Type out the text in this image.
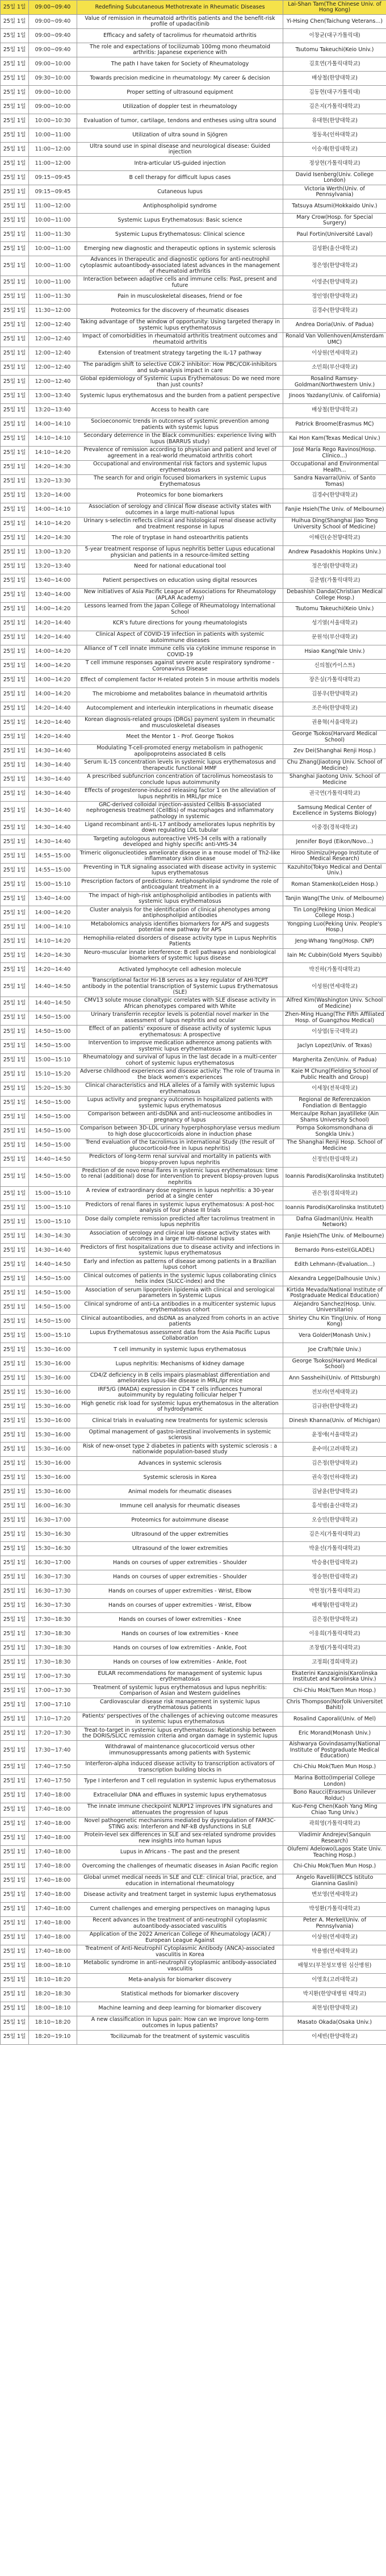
25일 1일	09:00~09:40	Redefining Subcutaneous Methotrexate in Rheumatic Diseases	Lai-Shan Tam(The Chinese Univ. of Hong Kong)
25일 1일	09:00~09:40	Value of remission in rheumatoid arthritis patients and the benefit-risk profile of upadacitinib	Yi-Hsing Chen(Taichung Veterans...)
25일 1일	09:00~09:40	Efficacy and safety of tacrolimus for rheumatoid arthritis	이창균(대구가톨릭대)
25일 1일	09:00~09:40	The role and expectations of tocilizumab 100mg mono rheumatoid arthritis: Japanese experience with	Tsutomu Takeuchi(Keio Univ.)
25일 1일	09:00~10:00	The path I have taken for Society of Rheumatology	김호연(가톨릭대학교)
25일 1일	09:30~10:00	Towards precision medicine in rheumatology: My career & decision	배상철(한양대학교)
25일 1일	09:00~10:00	Proper setting of ultrasound equipment	김동현(대구가톨릭대)
25일 1일	09:00~10:00	Utilization of doppler test in rheumatology	김은지(가톨릭대학교)
25일 1일	10:00~10:30	Evaluation of tumor, cartilage, tendons and entheses using ultra sound	유대현(한양대학교)
25일 1일	10:00~11:00	Utilization of ultra sound in Sjögren	정동옥(인하대학교)
25일 1일	11:00~12:00	Ultra sound use in spinal disease and neurological disease: Guided injection	이승재(한림대학교)
25일 1일	11:00~12:00	Intra-articular US-guided injection	정상현(가톨릭대학교)
25일 1일	09:15~09:45	B cell therapy for difficult lupus cases	David Isenberg(Univ. College London)
25일 1일	09:15~09:45	Cutaneous lupus	Victoria Werth(Univ. of Pennsylvania)
25일 1일	11:00~12:00	Antiphospholipid syndrome	Tatsuya Atsumi(Hokkaido Univ.)
25일 1일	10:00~11:00	Systemic Lupus Erythematosus: Basic science	Mary Crow(Hosp. for Special Surgery)
25일 1일	11:00~11:30	Systemic Lupus Erythematosus: Clinical science	Paul Fortin(Université Laval)
25일 1일	10:00~11:00	Emerging new diagnostic and therapeutic options in systemic sclerosis	김성환(울산대학교)
25일 1일	10:00~11:00	Advances in therapeutic and diagnostic options for anti-neutrophil cytoplasmic autoantibody-associated latest advances in the management of rheumatoid arthritis	정은영(한양대학교)
25일 1일	10:00~11:00	Interaction between adaptive cells and immune cells: Past, present and future	이영준(한양대학교)
25일 1일	11:00~11:30	Pain in musculoskeletal diseases, friend or foe	정인영(한양대학교)
25일 1일	11:30~12:00	Proteomics for the discovery of rheumatic diseases	김경수(한양대학교)
25일 1일	12:00~12:40	Taking advantage of the window of opportunity: Using targeted therapy in systemic lupus erythematosus	Andrea Doria(Univ. of Padua)
25일 1일	12:00~12:40	Impact of comorbidities in rheumatoid arthritis treatment outcomes and rheumatoid arthritis	Ronald Van Vollenhoven(Amsterdam UMC)
25일 1일	12:00~12:40	Extension of treatment strategy targeting the IL-17 pathway	이상원(연세대학교)
25일 1일	12:00~12:40	The paradigm shift to selective COX-2 inhibitor: How PBC/COX-inhibitors and sub-analysis impact in care	소민희(부산대학교)
25일 1일	12:00~12:40	Global epidemiology of Systemic Lupus Erythematosus: Do we need more than just counts?	Rosalind Ramsey-Goldman(Northwestern Univ.)
25일 1일	13:00~13:40	Systemic lupus erythematosus and the burden from a patient perspective	Jinoos Yazdany(Univ. of California)
25일 1일	13:20~13:40	Access to health care	배상철(한양대학교)
25일 1일	14:00~14:10	Socioeconomic trends in outcomes of systemic prevention among patients with systemic lupus	Patrick Broome(Erasmus MC)
25일 1일	14:10~14:10	Secondary deterrence in the Black communities: experience living with lupus (BARRUS study)	Kai Hon Kam(Texas Medical Univ.)
25일 1일	14:10~14:20	Prevalence of remission according to physician and patient and level of agreement in a real-world rheumatoid arthritis cohort	José María Rego Ravinos(Hosp. Clínico...)
25일 1일	14:20~14:30	Occupational and environmental risk factors and systemic lupus erythematosus	Occupational and Environmental Health...
25일 1일	13:20~13:30	The search for and origin focused biomarkers in systemic Lupus Erythematosus	Sandra Navarra(Univ. of Santo Tomas)
25일 1일	13:20~14:00	Proteomics for bone biomarkers	김경수(한양대학교)
25일 1일	14:00~14:10	Association of serology and clinical flow disease activity states with outcomes in a large multi-national lupus	Fanjie Hsieh(The Univ. of Melbourne)
25일 1일	14:10~14:20	Urinary s-selectin reflects clinical and histological renal disease activity and treatment response in lupus	Huihua Ding(Shanghai Jiao Tong University School of Medicine)
25일 1일	14:20~14:30	The role of tryptase in hand osteoarthritis patients	이해린(순천향대학교)
25일 1일	13:00~13:20	5-year treatment response of lupus nephritis better Lupus educational physician and patients in a resource-limited setting	Andrew Pasadokhis Hopkins Univ.)
25일 1일	13:20~13:40	Need for national educational tool	정은영(한양대학교)
25일 1일	13:40~14:00	Patient perspectives on education using digital resources	김준범(가톨릭대학교)
25일 1일	13:40~14:00	New initiatives of Asia Pacific League of Associations for Rheumatology (APLAR Academy)	Debashish Danda(Christian Medical College Hosp.)
25일 1일	14:00~14:20	Lessons learned from the Japan College of Rheumatology International School	Tsutomu Takeuchi(Keio Univ.)
25일 1일	14:20~14:40	KCR's future directions for young rheumatologists	성기열(서울대학교)
25일 1일	14:20~14:40	Clinical Aspect of COVID-19 infection in patients with systemic autoimmune diseases	문원석(부산대학교)
25일 1일	14:00~14:20	Alliance of T cell innate immune cells via cytokine immune response in COVID-19	Hsiao Kang(Yale Univ.)
25일 1일	14:00~14:20	T cell immune responses against severe acute respiratory syndrome - Coronavirus Disease	신의철(카이스트)
25일 1일	14:00~14:20	Effect of complement factor H-related protein 5 in mouse arthritis models	장은실(가톨릭대학교)
25일 1일	14:00~14:20	The microbiome and metabolites balance in rheumatoid arthritis	김봉우(한양대학교)
25일 1일	14:20~14:40	Autocomplement and interleukin interplications in rheumatic disease	조은하(한양대학교)
25일 1일	14:20~14:40	Korean diagnosis-related groups (DRGs) payment system in rheumatic and musculoskeletal diseases	권용혁(서울대학교)
25일 1일	14:20~14:40	Meet the Mentor 1 - Prof. George Tsokos	George Tsokos(Harvard Medical School)
25일 1일	14:30~14:40	Modulating T-cell-promoted energy metabolism in pathogenic apolipoproteins associated B cells	Zev Dei(Shanghai Renji Hosp.)
25일 1일	14:30~14:40	Serum IL-15 concentration levels in systemic lupus erythematosus and therapeutic functional MMF	Chu Zhang(Jiaotong Univ. School of Medicine)
25일 1일	14:30~14:40	A prescribed subfuncrion concentration of tacrolimus homeostasis to conclude lupus autoimmunity	Shanghai Jiaotong Univ. School of Medicine
25일 1일	14:30~14:40	Effects of progesterone-induced releasing factor 1 on the alleviation of lupus nephritis in MRL/lpr mice	권국연(가톨릭대학교)
25일 1일	14:30~14:40	GRC-derived colloidal injection-assisted Cellbis B-associated nephrogenesis treatment (CellBis) of macrophages and inflammatory pathology in systemic	Samsung Medical Center of Excellence in Systems Biology)
25일 1일	14:30~14:40	Ligand recombinant anti-IL-17 antibody ameliorates lupus nephritis by down regulating LDL tubular	이중경(경북대학교)
25일 1일	14:30~14:40	Targeting autologous autoreactive VHS-34 cells with a rationally developed and highly specific anti-VHS-34	Jennifer Boyd (Eikon/Novo...)
25일 1일	14:55~15:00	Trimeric oligonucleotides ameliorate disease in a mouse model of Th2-like inflammatory skin disease	Hiroo Shimizu(Hyogo Institute of Medical Research)
25일 1일	14:55~15:00	Preventing in TLR signaling associated with disease activity in systemic lupus erythematosus	Kazuhito(Tokyo Medical and Dental Univ.)
25일 1일	15:00~15:10	Prescription factors of predictions: Antiphospholipid syndrome the role of anticoagulant treatment in a	Roman Stamenko(Leiden Hosp.)
25일 1일	13:40~14:00	The impact of high-risk antiphospholipid antibodies in patients with systemic lupus erythematosus	Tanjin Wang(The Univ. of Melbourne)
25일 1일	14:00~14:20	Cluster analysis for the identification of clinical phenotypes among antiphospholipid antibodies	Tin Long(Peking Union Medical College Hosp.)
25일 1일	14:00~14:10	Metabolomics analysis identifies biomarkers for APS and suggests potential new pathway for APS	Yongping Luo(Peking Univ. People's Hosp.)
25일 1일	14:10~14:20	Hemophilia-related disorders of disease activity type in Lupus Nephritis Patients	Jeng-Whang Yang(Hosp. CNP)
25일 1일	14:20~14:30	Neuro-muscular innate interference: B cell pathways and nonbiological biomarkers of systemic lupus disease	Iain Mc Cubbin(Gold Myers Squibb)
25일 1일	14:20~14:40	Activated lymphocyte cell adhesion molecule	박진하(가톨릭대학교)
25일 1일	14:40~14:50	Transcriptional factor Hi-1B serves as a key regulator of AHI-TCPT antibody in the potential transcription of Systemic Lupus Erythematosus (SLE)	이성원(연세대학교)
25일 1일	14:40~14:50	CMV13 solute mouse clonaltypic correlates with SLE disease activity in African phenotypes compared with White	Alfred Kim(Washington Univ. School of Medicine)
25일 1일	14:50~15:00	Urinary transferrin receptor levels is potential novel marker in the assessment of lupus nephritis and ocular	Zhen-Ming Huang(The Fifth Affiliated Hosp. of Guangzhou Medical)
25일 1일	14:50~15:00	Effect of an patients' exposure of disease activity of systemic lupus erythematosus: A prospective	이상엽(동국대학교)
25일 1일	14:50~15:00	Intervention to improve medication adherence among patients with systemic lupus erythematosus	Jaclyn Lopez(Univ. of Texas)
25일 1일	15:00~15:10	Rheumatology and survival of lupus in the last decade in a multi-center cohort of systemic lupus erythematosus	Margherita Zen(Univ. of Padua)
25일 1일	15:10~15:20	Adverse childhood experiences and disease activity: The role of trauma in the black women's experiences	Kaie M Chung(Fielding School of Public Health and Group)
25일 1일	15:20~15:30	Clinical characteristics and HLA alleles of a family with systemic lupus erythematosus	이세창(전북대학교)
25일 1일	14:50~15:00	Lupus activity and pregnancy outcomes in hospitalized patients with systemic lupus erythematosus	Regional de Referenzakion Fondiation di Bentaggio
25일 1일	14:50~15:00	Comparison between anti-dsDNA and anti-nucleosome antibodies in pregnancy of lupus	Mercaulpe Rohan Jayatilleke (Ain Shams University School)
25일 1일	14:50~15:00	Comparison between 3D-LDL urinary hyperphosphorylase versus medium to high dose glucocorticoids alone in induction phase	Pornpa Sokomsmondhana di Songkla Univ.)
25일 1일	14:50~15:00	Trend evaluation of the tacrolimus in international Study (the result of glucocorticoid-free in lupus nephritis)	The Shanghai Renji Hosp. School of Medicine
25일 1일	14:40~14:50	Predictors of long-term renal survival and mortality in patients with biopsy-proven lupus nephritis	신정민(한림대학교)
25일 1일	14:50~15:00	Prediction of de novo renal flares in systemic lupus erythematosus: time to renal (additional) dose for intervention to prevent biopsy-proven lupus nephritis	Ioannis Parodis(Karolinska Institutet)
25일 1일	15:00~15:10	A review of extraordinary dose regimens in lupus nephritis: a 30-year period at a single center	권은정(경희대학교)
25일 1일	15:00~15:10	Predictors of renal flares in systemic lupus erythematosus: A post-hoc analysis of four phase III trials	Ioannis Parodis(Karolinska Institutet)
25일 1일	15:00~15:10	Dose daily complete remission predicted after tacrolimus treatment in lupus nephritis	Dafna Gladman(Univ. Health Network)
25일 1일	14:30~14:30	Association of serology and clinical low disease activity states with outcomes in a large multi-national lupus	Fanjie Hsieh(The Univ. of Melbourne)
25일 1일	14:30~14:40	Predictors of first hospitalizations due to disease activity and infections in systemic lupus erythematosus	Bernardo Pons-estel(GLADEL)
25일 1일	14:40~14:50	Early and infection as patterns of disease among patients in a Brazilian lupus cohort	Edith Lehmann-(Evaluation...)
25일 1일	14:50~15:00	Clinical outcomes of patients in the systemic lupus collaborating clinics helix index (SLICC-index) and the	Alexandra Legge(Dalhousie Univ.)
25일 1일	14:50~15:00	Association of serum lipoprotein lipidemia with clinical and serological parameters in Systemic Lupus	Kirtida Mevada(National Institute of Postgraduate Medical Education)
25일 1일	14:50~15:00	Clinical syndrome of anti-La antibodies in a multicenter systemic lupus erythematosus cohort	Alejandro Sanchez(Hosp. Univ. Universitario)
25일 1일	14:50~15:00	Clinical autoantibodies, and dsDNA as analyzed from cohorts in an active patients	Shirley Chu Kin Ting(Univ. of Hong Kong)
25일 1일	15:00~15:10	Lupus Erythematosus assessment data from the Asia Pacific Lupus Collaboration	Vera Golder(Monash Univ.)
25일 1일	15:30~16:00	T cell immunity in systemic lupus erythematosus	Joe Craft(Yale Univ.)
25일 1일	15:30~16:00	Lupus nephritis: Mechanisms of kidney damage	George Tsokos(Harvard Medical School)
25일 1일	15:30~16:00	CD4/Z deficiency in B cells impairs plasmablast differentiation and ameliorates lupus-like disease in MRL/lpr mice	Ann Sassheihi(Univ. of Pittsburgh)
25일 1일	15:30~16:00	IRF5/G (IMADA) expression in CD4 T cells influences humoral autoimmunity by regulating follicular helper T	전보라(연세대학교)
25일 1일	15:30~16:00	High genetic risk load for systemic lupus erythematosus in the alteration of hydrodynamic	김규완(한양대학교)
25일 1일	15:30~16:00	Clinical trials in evaluating new treatments for systemic sclerosis	Dinesh Khanna(Univ. of Michigan)
25일 1일	15:30~16:00	Optimal management of gastro-intestinal involvements in systemic sclerosis	윤정애(서울대학교)
25일 1일	15:30~16:00	Risk of new-onset type 2 diabetes in patients with systemic sclerosis : a nationwide population-based study	윤수미(고려대학교)
25일 1일	15:30~16:00	Advances in systemic sclerosis	김은정(한양대학교)
25일 1일	15:30~16:00	Systemic sclerosis in Korea	권숙경(인하대학교)
25일 1일	15:30~16:00	Animal models for rheumatic diseases	김남윤(한양대학교)
25일 1일	16:00~16:30	Immune cell analysis for rheumatic diseases	홍석범(울산대학교)
25일 1일	16:30~17:00	Proteomics for autoimmune disease	오승민(한양대학교)
25일 1일	15:30~16:30	Ultrasound of the upper extremities	김은지(가톨릭대학교)
25일 1일	15:30~16:30	Ultrasound of the lower extremities	박윤선(가톨릭대학교)
25일 1일	16:30~17:00	Hands on courses of upper extremities - Shoulder	박승용(한림대학교)
25일 1일	16:30~17:30	Hands on courses of upper extremities - Shoulder	정승현(한림대학교)
25일 1일	16:30~17:30	Hands on courses of upper extremities - Wrist, Elbow	박현정(가톨릭대학교)
25일 1일	16:30~17:30	Hands on courses of upper extremities - Wrist, Elbow	배재형(한림대학교)
25일 1일	17:30~18:30	Hands on courses of lower extremities - Knee	김은정(한양대학교)
25일 1일	17:30~18:30	Hands on courses of low extremities - Knee	이웅희(가톨릭대학교)
25일 1일	17:30~18:30	Hands on courses of low extremities - Ankle, Foot	조창범(가톨릭대학교)
25일 1일	17:30~18:30	Hands on courses of low extremities - Ankle, Foot	고정희(경희대학교)
25일 1일	17:00~17:30	EULAR recommendations for management of systemic lupus erythematosus	Ekaterini Kanzaiginis(Karolinska Institutet and Karolinska Univ.)
25일 1일	17:00~17:30	Treatment of systemic lupus erythematosus and lupus nephritis: Comparison of Asian and Western guidelines	Chi-Chiu Mok(Tuen Mun Hosp.)
25일 1일	17:00~17:10	Cardiovascular disease risk management in systemic lupus erythematosus patients	Chris Thompson(Norfolk Universitet Bahiti)
25일 1일	17:10~17:20	Patients' perspectives of the challenges of achieving outcome measures in systemic lupus erythematosus	Rosalind Caporali(Univ. of Mel)
25일 1일	17:20~17:30	Treat-to-target in systemic lupus erythematosus: Relationship between the DORIS/SLICC remission criteria and organ damage in systemic lupus	Eric Morand(Monash Univ.)
25일 1일	17:30~17:40	Withdrawal of maintenance glucocorticoid versus other immunosuppressants among patients with Systemic	Aishwarya Govindasamy(National Institute of Postgraduate Medical Education)
25일 1일	17:40~17:50	Interferon-alpha induced disease activity to transcription activators of transcription building blocks in	Chi-Chiu Mok(Tuen Mun Hosp.)
25일 1일	17:40~17:50	Type I interferon and T cell regulation in systemic lupus erythematosus	Marina Botto(Imperial College London)
25일 1일	17:40~18:00	Extracellular DNA and effluxes in systemic lupus erythematosus	Bono Raucci(Erasmus Unilever Rolduc)
25일 1일	17:40~18:00	The innate immune checkpoint NLRP12 improves IFN signatures and attenuates the progression of lupus	Kuo-Feng Chen(Kaoh Yang Ming Chiao Tung Univ.)
25일 1일	17:40~18:00	Novel pathogenetic mechanisms mediated by dysregulation of FAM3C-STING axis: Interferon and NF-kB dysfunctions in SLE	곽희영(가톨릭대학교)
25일 1일	17:40~18:00	Protein-level sex differences in SLE and sex-related syndrome provides new insights into human lupus	Vladimir Andrejev(Sanquin Research)
25일 1일	17:40~18:00	Lupus in Africans - The past and the present	Olufemi Adelowo(Lagos State Univ. Teaching Hosp.)
25일 1일	17:40~18:00	Overcoming the challenges of rheumatic diseases in Asian Pacific region	Chi-Chiu Mok(Tuen Mun Hosp.)
25일 1일	17:40~18:00	Global unmet medical needs in SLE and CLE: clinical trial, practice, and education in international rheumatology	Angelo Ravelli(IRCCS Istituto Giannina Gaslini)
25일 1일	17:40~18:00	Disease activity and treatment target in systemic lupus erythematosus	변보영(연세대학교)
25일 1일	17:40~18:00	Current challenges and emerging perspectives on managing lupus	박성환(가톨릭대학교)
25일 1일	17:40~18:00	Recent advances in the treatment of anti-neutrophil cytoplasmic autoantibody-associated vasculitis	Peter A. Merkel(Univ. of Pennsylvania)
25일 1일	17:40~18:00	Application of the 2022 American College of Rheumatology (ACR) / European League Against	이상원(연세대학교)
25일 1일	17:40~18:00	Treatment of Anti-Neutrophil Cytoplasmic Antibody (ANCA)-associated vasculitis in Korea	박용범(연세대학교)
25일 1일	18:00~18:10	Metabolic syndrome in anti-neutrophil cytoplasmic antibody-associated vasculitis	배형모(부천성모병원 심산병원)
25일 1일	18:10~18:20	Meta-analysis for biomarker discovery	이영호(고려대학교)
25일 1일	18:20~18:30	Statistical methods for biomarker discovery	박지환(한양대병원 대학교)
25일 1일	18:00~18:10	Machine learning and deep learning for biomarker discovery	최현성(한양대학교)
25일 1일	18:10~18:20	A new classification in lupus pain: How can we improve long-term outcomes in lupus patients?	Masato Okada(Osaka Univ.)
25일 1일	18:20~19:10	Tocilizumab for the treatment of systemic vasculitis	이세빈(한양대학교)
